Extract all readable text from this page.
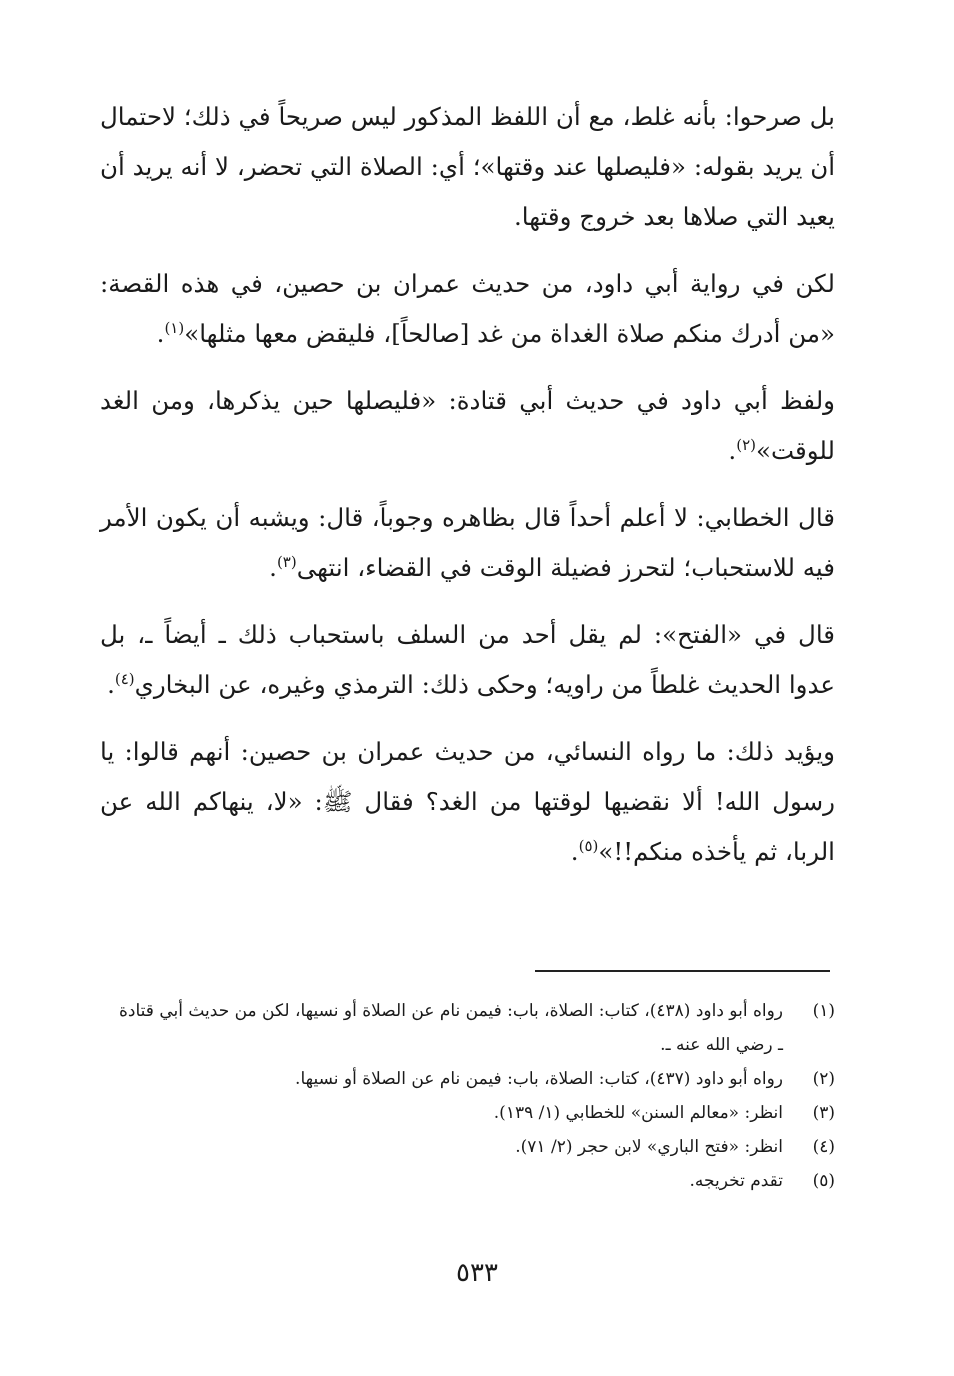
بل صرحوا: بأنه غلط، مع أن اللفظ المذكور ليس صريحاً في ذلك؛ لاحتمال أن يريد بقوله: «فليصلها عند وقتها»؛ أي: الصلاة التي تحضر، لا أنه يريد أن يعيد التي صلاها بعد خروج وقتها.

لكن في رواية أبي داود، من حديث عمران بن حصين، في هذه القصة: «من أدرك منكم صلاة الغداة من غد [صالحاً]، فليقض معها مثلها»$^{(١)}$.

ولفظ أبي داود في حديث أبي قتادة: «فليصلها حين يذكرها، ومن الغد للوقت»$^{(٢)}$.

قال الخطابي: لا أعلم أحداً قال بظاهره وجوباً، قال: ويشبه أن يكون الأمر فيه للاستحباب؛ لتحرز فضيلة الوقت في القضاء، انتهى$^{(٣)}$.

قال في «الفتح»: لم يقل أحد من السلف باستحباب ذلك ـ أيضاً ـ، بل عدوا الحديث غلطاً من راويه؛ وحكى ذلك: الترمذي وغيره، عن البخاري$^{(٤)}$.

ويؤيد ذلك: ما رواه النسائي، من حديث عمران بن حصين: أنهم قالوا: يا رسول الله! ألا نقضيها لوقتها من الغد؟ فقال ﷺ: «لا، ينهاكم الله عن الربا، ثم يأخذه منكم!!»$^{(٥)}$.

(١)
رواه أبو داود (٤٣٨)، كتاب: الصلاة، باب: فيمن نام عن الصلاة أو نسيها، لكن من حديث أبي قتادة ـ رضي الله عنه ـ.
(٢)
رواه أبو داود (٤٣٧)، كتاب: الصلاة، باب: فيمن نام عن الصلاة أو نسيها.
(٣)
انظر: «معالم السنن» للخطابي (١/ ١٣٩).
(٤)
انظر: «فتح الباري» لابن حجر (٢/ ٧١).
(٥)
تقدم تخريجه.
٥٣٣
